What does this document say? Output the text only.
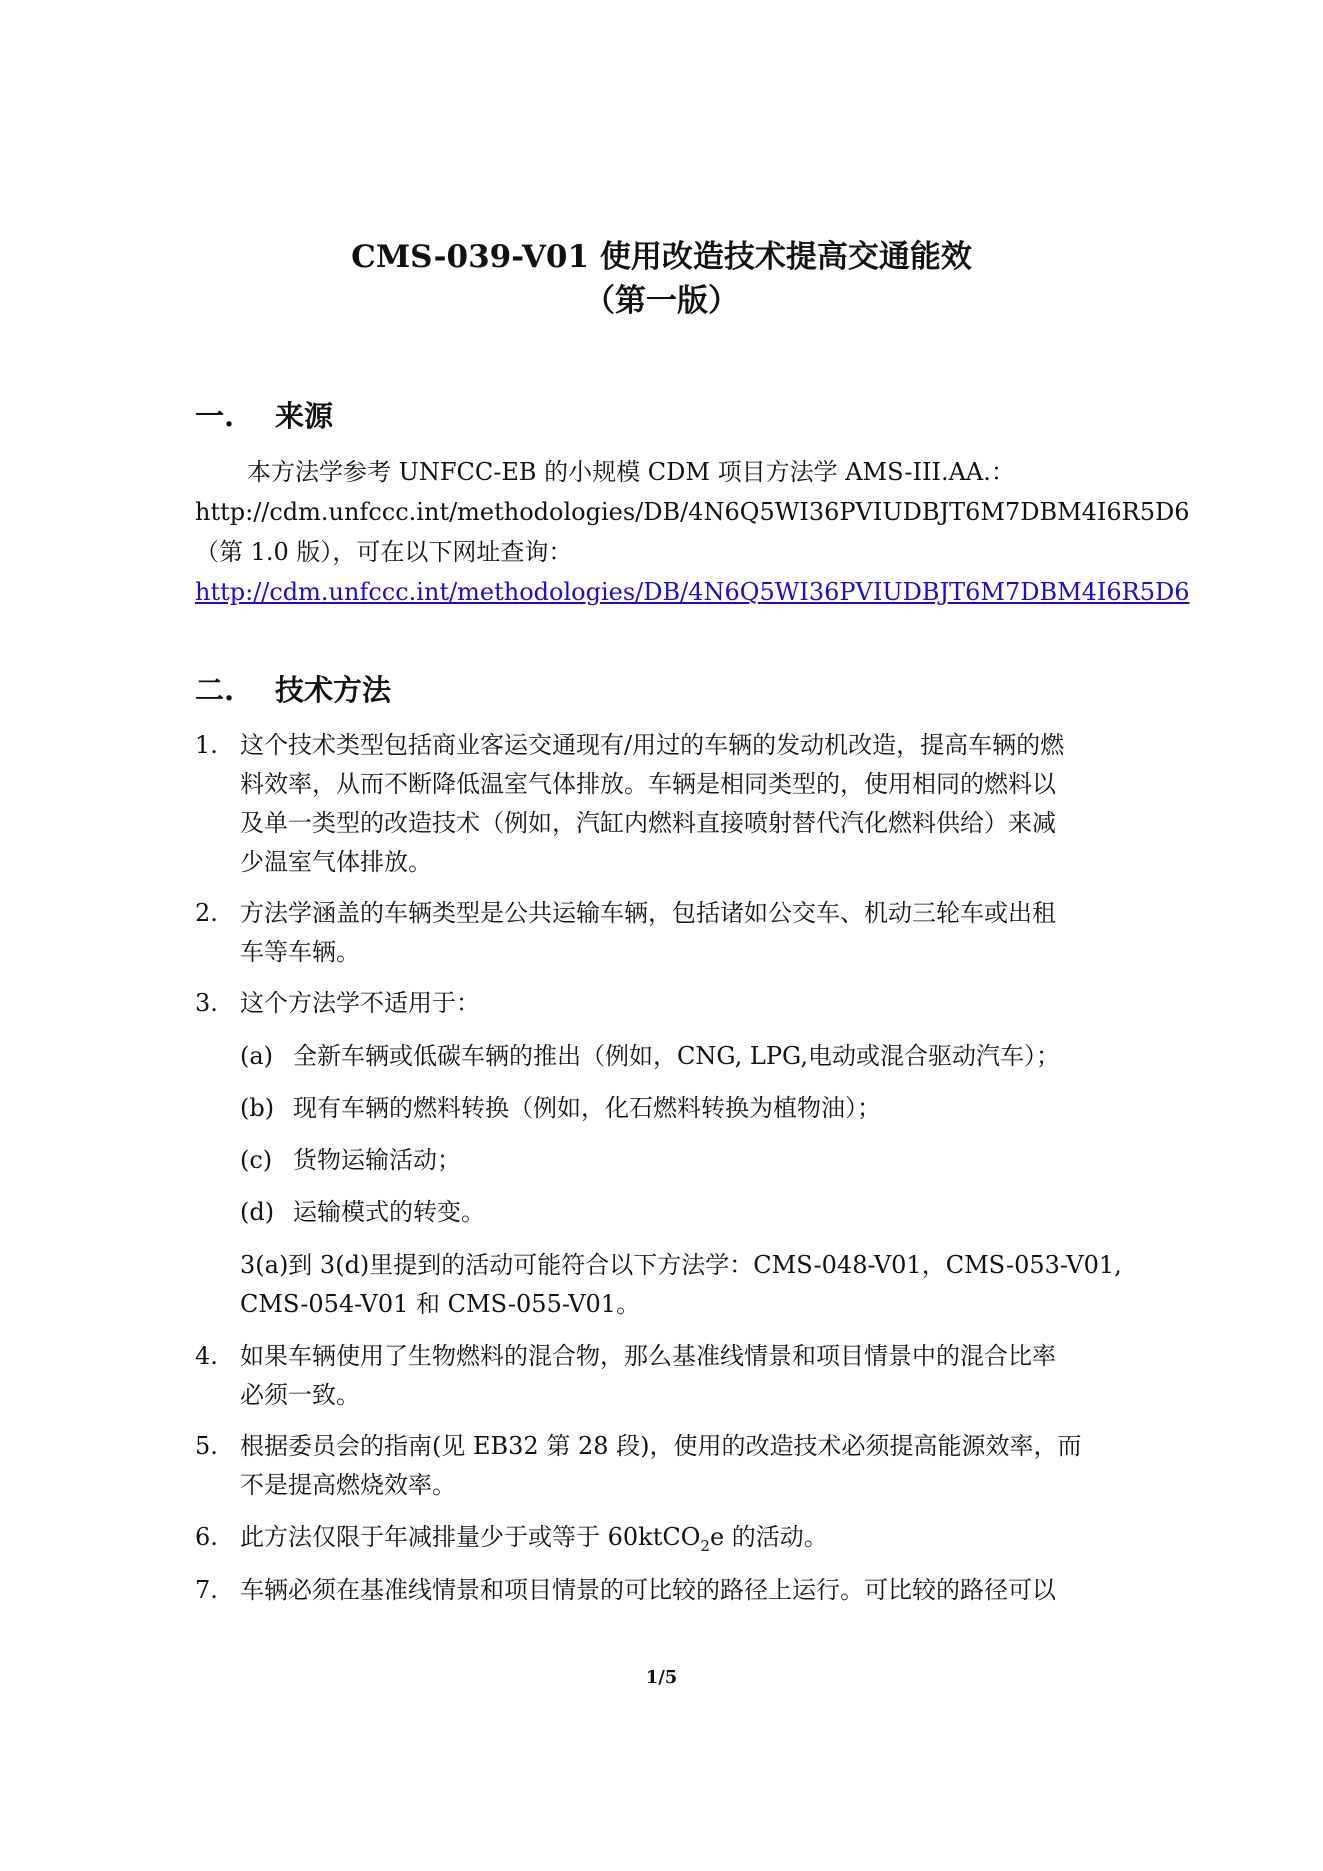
CMS-039-V01 使用改造技术提高交通能效
（第一版）
一. 来源
本方法学参考 UNFCC-EB 的小规模 CDM 项目方法学 AMS-III.AA.：
http://cdm.unfccc.int/methodologies/DB/4N6Q5WI36PVIUDBJT6M7DBM4I6R5D6
（第 1.0 版），可在以下网址查询：
http://cdm.unfccc.int/methodologies/DB/4N6Q5WI36PVIUDBJT6M7DBM4I6R5D6
二. 技术方法
1. 这个技术类型包括商业客运交通现有/用过的车辆的发动机改造，提高车辆的燃
料效率，从而不断降低温室气体排放。车辆是相同类型的，使用相同的燃料以
及单一类型的改造技术（例如，汽缸内燃料直接喷射替代汽化燃料供给）来减
少温室气体排放。
2. 方法学涵盖的车辆类型是公共运输车辆，包括诸如公交车、机动三轮车或出租
车等车辆。
3. 这个方法学不适用于：
(a) 全新车辆或低碳车辆的推出（例如，CNG, LPG,电动或混合驱动汽车）；
(b) 现有车辆的燃料转换（例如，化石燃料转换为植物油）；
(c) 货物运输活动；
(d) 运输模式的转变。
3(a)到 3(d)里提到的活动可能符合以下方法学：CMS-048-V01，CMS-053-V01,
CMS-054-V01 和 CMS-055-V01。
4. 如果车辆使用了生物燃料的混合物，那么基准线情景和项目情景中的混合比率
必须一致。
5. 根据委员会的指南(见 EB32 第 28 段)，使用的改造技术必须提高能源效率，而
不是提高燃烧效率。
6. 此方法仅限于年减排量少于或等于 60ktCO$_2$e 的活动。
7. 车辆必须在基准线情景和项目情景的可比较的路径上运行。可比较的路径可以
1/5
